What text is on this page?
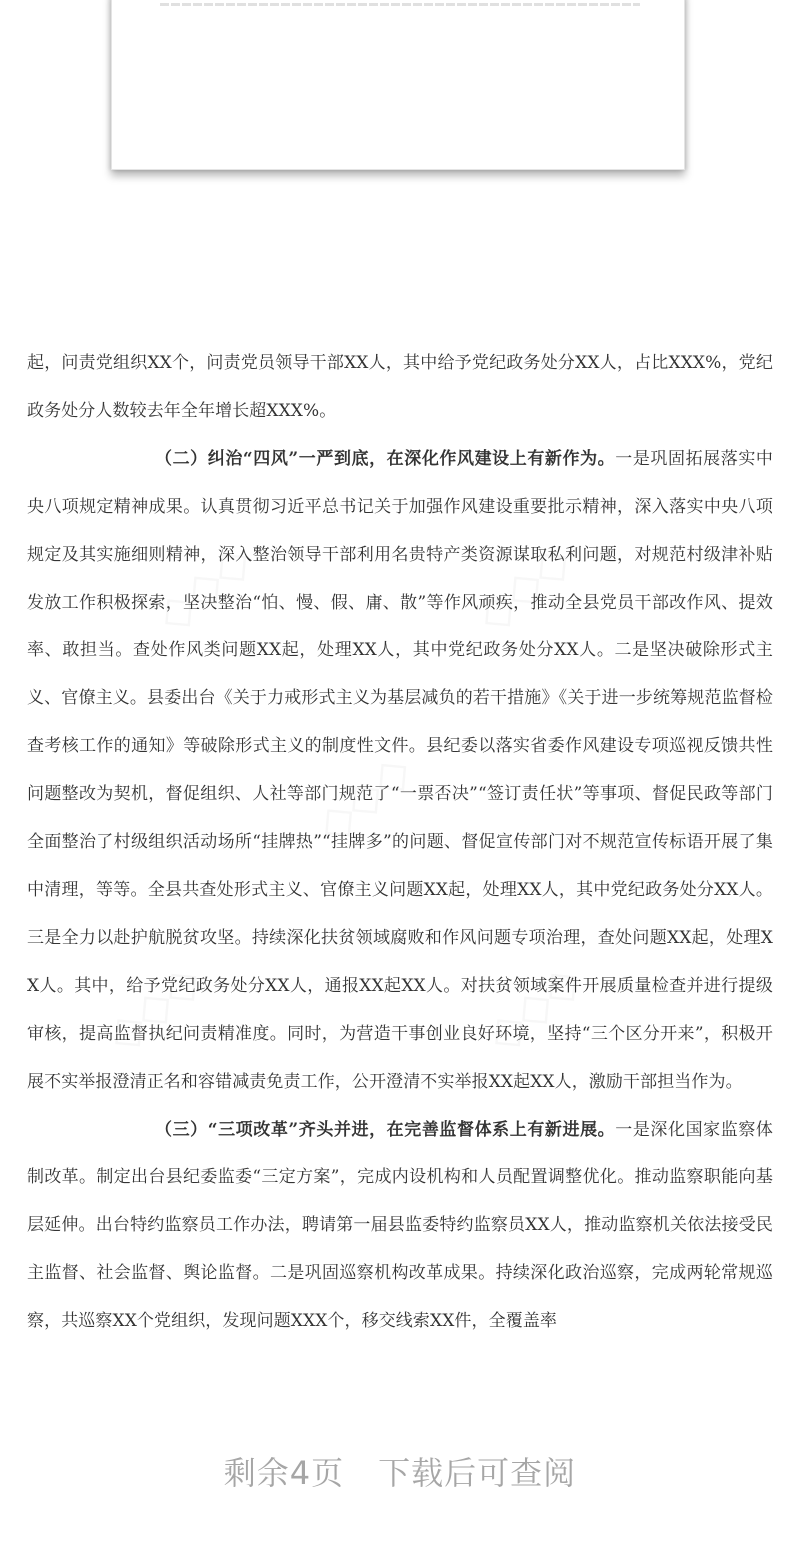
◇◇◇	◇◇◇
◇◇◇
◇◇◇	◇◇◇

起，问责党组织XX个，问责党员领导干部XX人，其中给予党纪政务处分XX人，占比XXX%，党纪政务处分人数较去年全年增长超XXX%。

（二）纠治“四风”一严到底，在深化作风建设上有新作为。一是巩固拓展落实中央八项规定精神成果。认真贯彻习近平总书记关于加强作风建设重要批示精神，深入落实中央八项规定及其实施细则精神，深入整治领导干部利用名贵特产类资源谋取私利问题，对规范村级津补贴发放工作积极探索，坚决整治“怕、慢、假、庸、散”等作风顽疾，推动全县党员干部改作风、提效率、敢担当。查处作风类问题XX起，处理XX人，其中党纪政务处分XX人。二是坚决破除形式主义、官僚主义。县委出台《关于力戒形式主义为基层减负的若干措施》《关于进一步统筹规范监督检查考核工作的通知》等破除形式主义的制度性文件。县纪委以落实省委作风建设专项巡视反馈共性问题整改为契机，督促组织、人社等部门规范了“一票否决”“签订责任状”等事项、督促民政等部门全面整治了村级组织活动场所“挂牌热”“挂牌多”的问题、督促宣传部门对不规范宣传标语开展了集中清理，等等。全县共查处形式主义、官僚主义问题XX起，处理XX人，其中党纪政务处分XX人。三是全力以赴护航脱贫攻坚。持续深化扶贫领域腐败和作风问题专项治理，查处问题XX起，处理XX人。其中，给予党纪政务处分XX人，通报XX起XX人。对扶贫领域案件开展质量检查并进行提级审核，提高监督执纪问责精准度。同时，为营造干事创业良好环境，坚持“三个区分开来”，积极开展不实举报澄清正名和容错减责免责工作，公开澄清不实举报XX起XX人，激励干部担当作为。

（三）“三项改革”齐头并进，在完善监督体系上有新进展。一是深化国家监察体制改革。制定出台县纪委监委“三定方案”，完成内设机构和人员配置调整优化。推动监察职能向基层延伸。出台特约监察员工作办法，聘请第一届县监委特约监察员XX人，推动监察机关依法接受民主监督、社会监督、舆论监督。二是巩固巡察机构改革成果。持续深化政治巡察，完成两轮常规巡察，共巡察XX个党组织，发现问题XXX个，移交线索XX件，全覆盖率

剩余4页 下载后可查阅
